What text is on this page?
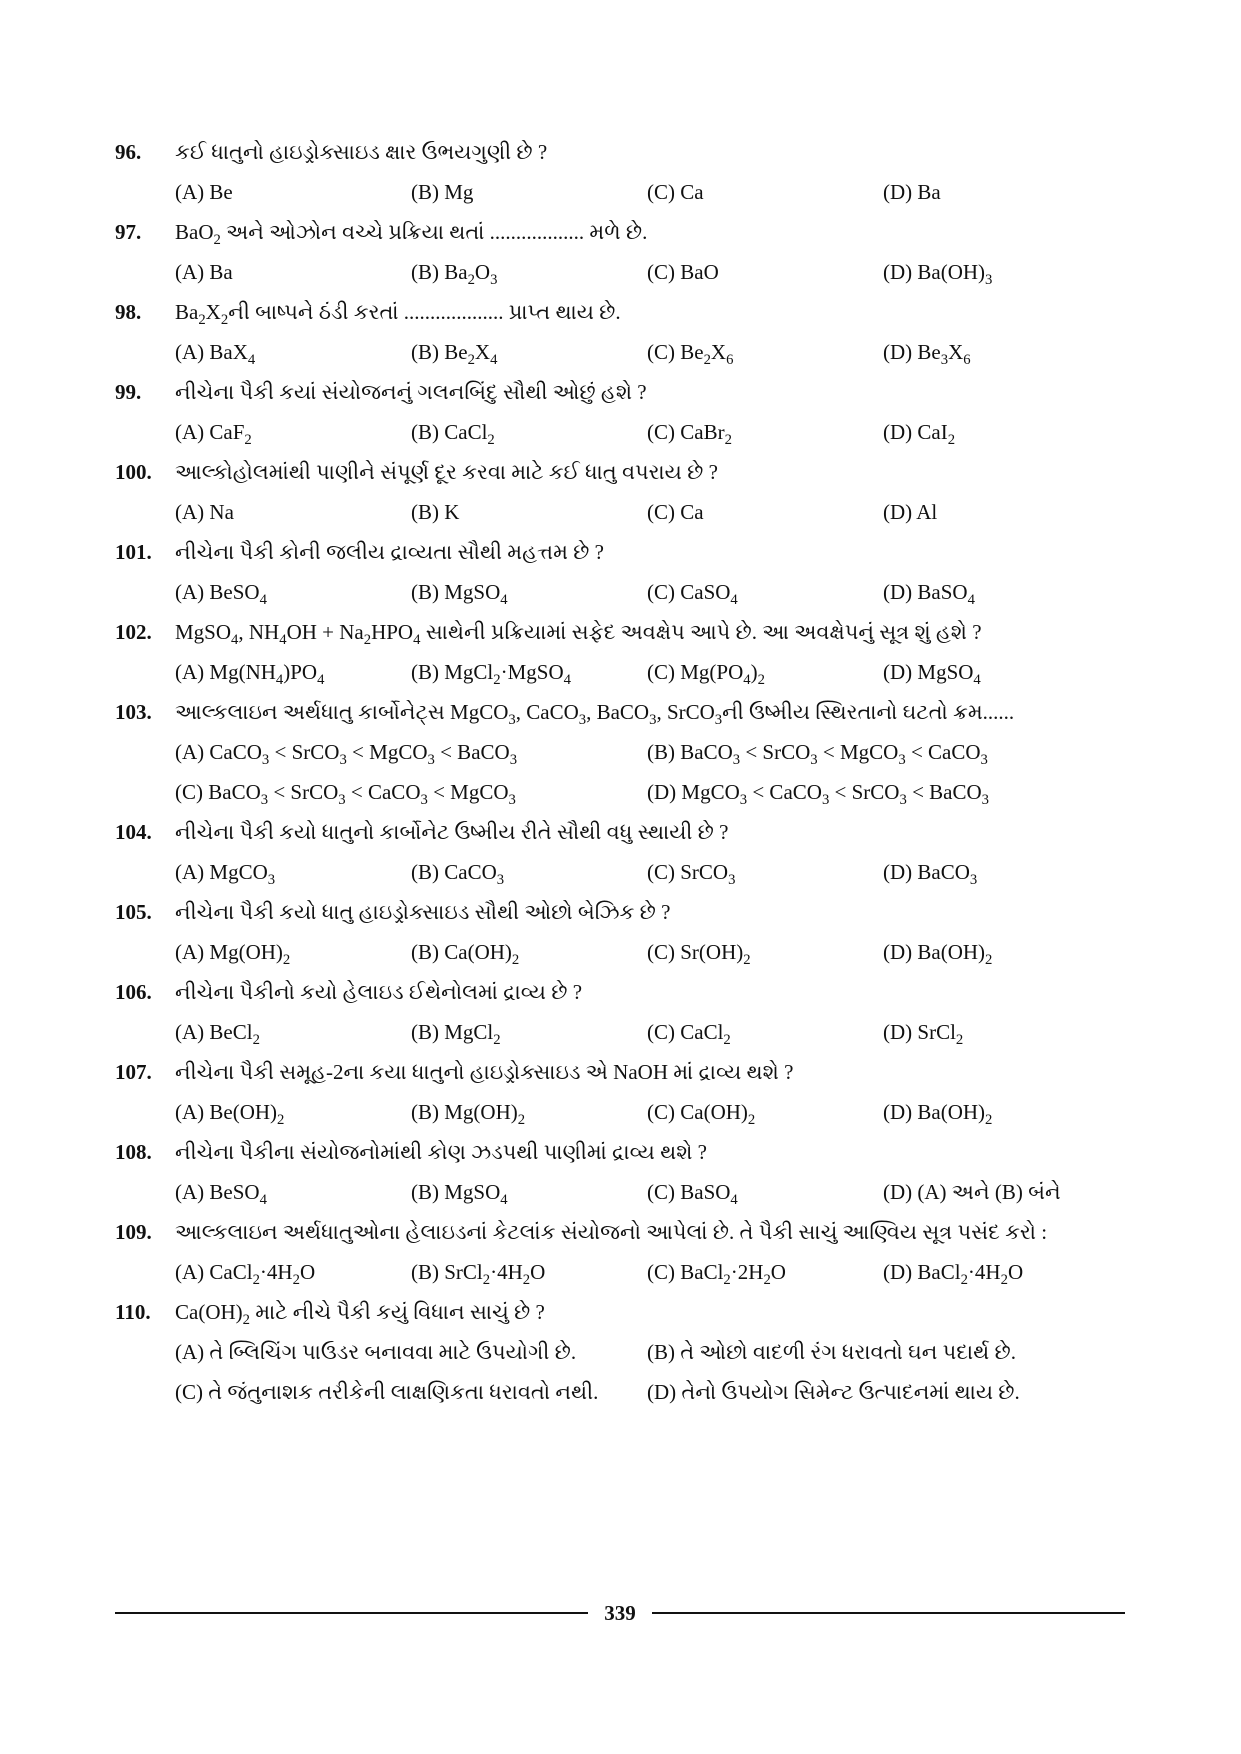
96. કઈ ધાતુનો હાઇડ્રોક્સાઇડ ક્ષાર ઉભયગુણી છે ?
(A) Be	(B) Mg	(C) Ca	(D) Ba
97. BaO$_2$ અને ઓઝોન વચ્ચે પ્રક્રિયા થતાં .................. મળે છે.
(A) Ba	(B) $Ba_2O_3$	(C) BaO	(D) $Ba(OH)_3$
98. $Ba_2X_2ની$ બાષ્પને ઠંડી કરતાં ................... પ્રાપ્ત થાય છે.
(A) BaX$_4$	(B) $Be_2X_4$	(C) $Be_2X_6$	(D) $Be_3X_6$
99. નીચેના પૈકી કયાં સંયોજનનું ગલનબિંદુ સૌથી ઓછું હશે ?
(A) CaF$_2$	(B) CaCl$_2$	(C) CaBr$_2$	(D) CaI$_2$
100. આલ્કોહોલમાંથી પાણીને સંપૂર્ણ દૂર કરવા માટે કઈ ધાતુ વપરાય છે ?
(A) Na	(B) K	(C) Ca	(D) Al
101. નીચેના પૈકી કોની જલીય દ્રાવ્યતા સૌથી મહત્તમ છે ?
(A) BeSO$_4$	(B) MgSO$_4$	(C) CaSO$_4$	(D) BaSO$_4$
102. MgSO$_4$, $NH_4OH + Na_2HPO_4$ સાથેની પ્રક્રિયામાં સફેદ અવક્ષેપ આપે છે. આ અવક્ષેપનું સૂત્ર શું હશે ?
(A) $Mg(NH_4)PO_4$	(B) MgCl$_2$·MgSO$_4$	(C) $Mg(PO_4)_2$	(D) MgSO$_4$
103. આલ્કલાઇન અર્થધાતુ કાર્બોનેટ્સ MgCO$_3$, CaCO$_3$, BaCO$_3$, SrCO$_3$ની ઉષ્મીય સ્થિરતાનો ઘટતો ક્રમ......
(A) CaCO$_3$ < SrCO$_3$ < MgCO$_3$ < BaCO$_3$	(B) BaCO$_3$ < SrCO$_3$ < MgCO$_3$ < CaCO$_3$
(C) BaCO$_3$ < SrCO$_3$ < CaCO$_3$ < MgCO$_3$	(D) MgCO$_3$ < CaCO$_3$ < SrCO$_3$ < BaCO$_3$
104. નીચેના પૈકી કયો ધાતુનો કાર્બોનેટ ઉષ્મીય રીતે સૌથી વધુ સ્થાયી છે ?
(A) MgCO$_3$	(B) CaCO$_3$	(C) SrCO$_3$	(D) BaCO$_3$
105. નીચેના પૈકી કયો ધાતુ હાઇડ્રોક્સાઇડ સૌથી ઓછો બેઝિક છે ?
(A) $Mg(OH)_2$	(B) $Ca(OH)_2$	(C) $Sr(OH)_2$	(D) $Ba(OH)_2$
106. નીચેના પૈકીનો કયો હેલાઇડ ઈથેનોલમાં દ્રાવ્ય છે ?
(A) BeCl$_2$	(B) MgCl$_2$	(C) CaCl$_2$	(D) SrCl$_2$
107. નીચેના પૈકી સમૂહ-2ના કયા ધાતુનો હાઇડ્રોક્સાઇડ એ NaOH માં દ્રાવ્ય થશે ?
(A) $Be(OH)_2$	(B) $Mg(OH)_2$	(C) $Ca(OH)_2$	(D) $Ba(OH)_2$
108. નીચેના પૈકીના સંયોજનોમાંથી કોણ ઝડપથી પાણીમાં દ્રાવ્ય થશે ?
(A) BeSO$_4$	(B) MgSO$_4$	(C) BaSO$_4$	(D) (A) અને (B) બંને
109. આલ્કલાઇન અર્થધાતુઓના હેલાઇડનાં કેટલાંક સંયોજનો આપેલાં છે. તે પૈકી સાચું આણ્વિય સૂત્ર પસંદ કરો :
(A) $CaCl_2\cdot 4H_2O$	(B) $SrCl_2\cdot 4H_2O$	(C) $BaCl_2\cdot 2H_2O$	(D) $BaCl_2\cdot 4H_2O$
110. $Ca(OH)_2$ માટે નીચે પૈકી કયું વિધાન સાચું છે ?
(A) તે બ્લિચિંગ પાઉડર બનાવવા માટે ઉપયોગી છે.	(B) તે ઓછો વાદળી રંગ ધરાવતો ઘન પદાર્થ છે.
(C) તે જંતુનાશક તરીકેની લાક્ષણિકતા ધરાવતો નથી. (D) તેનો ઉપયોગ સિમેન્ટ ઉત્પાદનમાં થાય છે.
339
